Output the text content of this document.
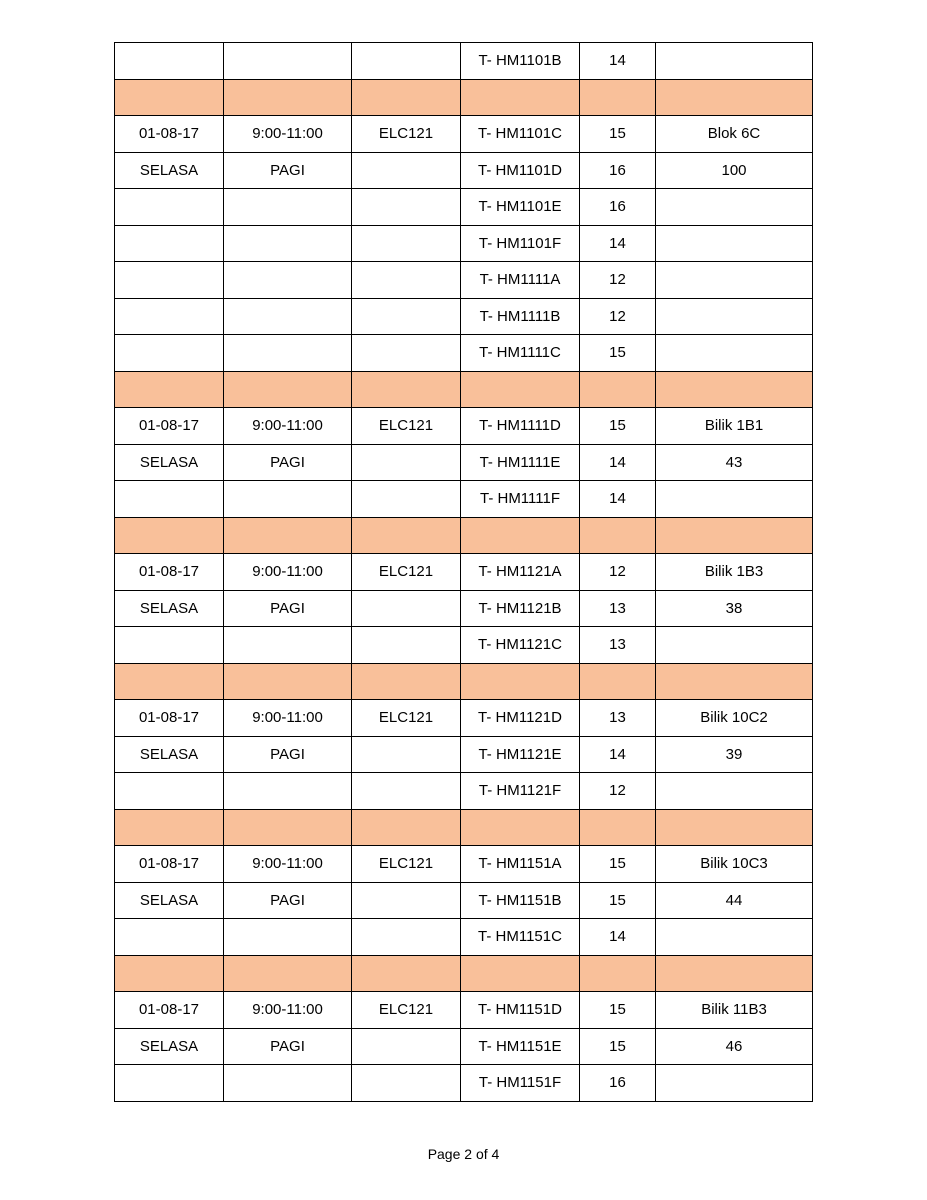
			T- HM1101B	14	

01-08-17	9:00-11:00	ELC121	T- HM1101C	15	Blok 6C
SELASA	PAGI		T- HM1101D	16	100
			T- HM1101E	16	
			T- HM1101F	14	
			T- HM1111A	12	
			T- HM1111B	12	
			T- HM1111C	15	

01-08-17	9:00-11:00	ELC121	T- HM1111D	15	Bilik 1B1
SELASA	PAGI		T- HM1111E	14	43
			T- HM1111F	14	

01-08-17	9:00-11:00	ELC121	T- HM1121A	12	Bilik 1B3
SELASA	PAGI		T- HM1121B	13	38
			T- HM1121C	13	

01-08-17	9:00-11:00	ELC121	T- HM1121D	13	Bilik 10C2
SELASA	PAGI		T- HM1121E	14	39
			T- HM1121F	12	

01-08-17	9:00-11:00	ELC121	T- HM1151A	15	Bilik 10C3
SELASA	PAGI		T- HM1151B	15	44
			T- HM1151C	14	

01-08-17	9:00-11:00	ELC121	T- HM1151D	15	Bilik 11B3
SELASA	PAGI		T- HM1151E	15	46
			T- HM1151F	16	
Page 2 of 4
